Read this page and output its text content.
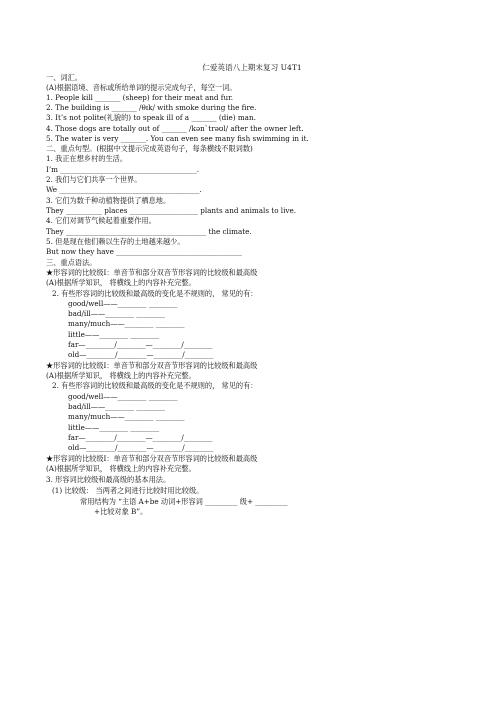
仁爱英语八上期末复习 U4T1
一、词汇。
(A)根据语境、音标或所给单词的提示完成句子，每空一词。
1. People kill _______ (sheep) for their meat and fur.
2. The building is _______ /θɪk/ with smoke during the fire.
3. It’s not polite(礼貌的) to speak ill of a _______ (die) man.
4. Those dogs are totally out of _______ /kən`trəʊl/ after the owner left.
5. The water is very _______. You can even see many fish swimming in it.
二、重点句型。(根据中文提示完成英语句子，每条横线不限词数)
1. 我正在想乡村的生活。
I’m ______________________________________.
2. 我们与它们共享一个世界。
We _______________________________________.
3. 它们为数千种动植物提供了栖息地。
They __________ places ___________________ plants and animals to live.
4. 它们对调节气候起着重要作用。
They _______________________________________ the climate.
5. 但是现在他们赖以生存的土地越来越少。
But now they have ___________________________________
三、重点语法。
★形容词的比较级Ⅰ：单音节和部分双音节形容词的比较级和最高级
(A)根据所学知识， 将横线上的内容补充完整。
2. 有些形容词的比较级和最高级的变化是不规则的， 常见的有：
good/well——________ ________
bad/ill——________ ________
many/much——________ ________
little——________ ________
far—________/________—________/________
old—________/________—________/________
★形容词的比较级Ⅰ：单音节和部分双音节形容词的比较级和最高级
(A)根据所学知识， 将横线上的内容补充完整。
2. 有些形容词的比较级和最高级的变化是不规则的， 常见的有：
good/well——________ ________
bad/ill——________ ________
many/much——________ ________
little——________ ________
far—________/________—________/________
old—________/________—________/________
★形容词的比较级Ⅰ：单音节和部分双音节形容词的比较级和最高级
(A)根据所学知识， 将横线上的内容补充完整。
3. 形容词比较级和最高级的基本用法。
(1) 比较级： 当两者之间进行比较时用比较级。
常用结构为 “主语 A+be 动词+形容词 _________ 级+ _________
+比较对象 B”。
